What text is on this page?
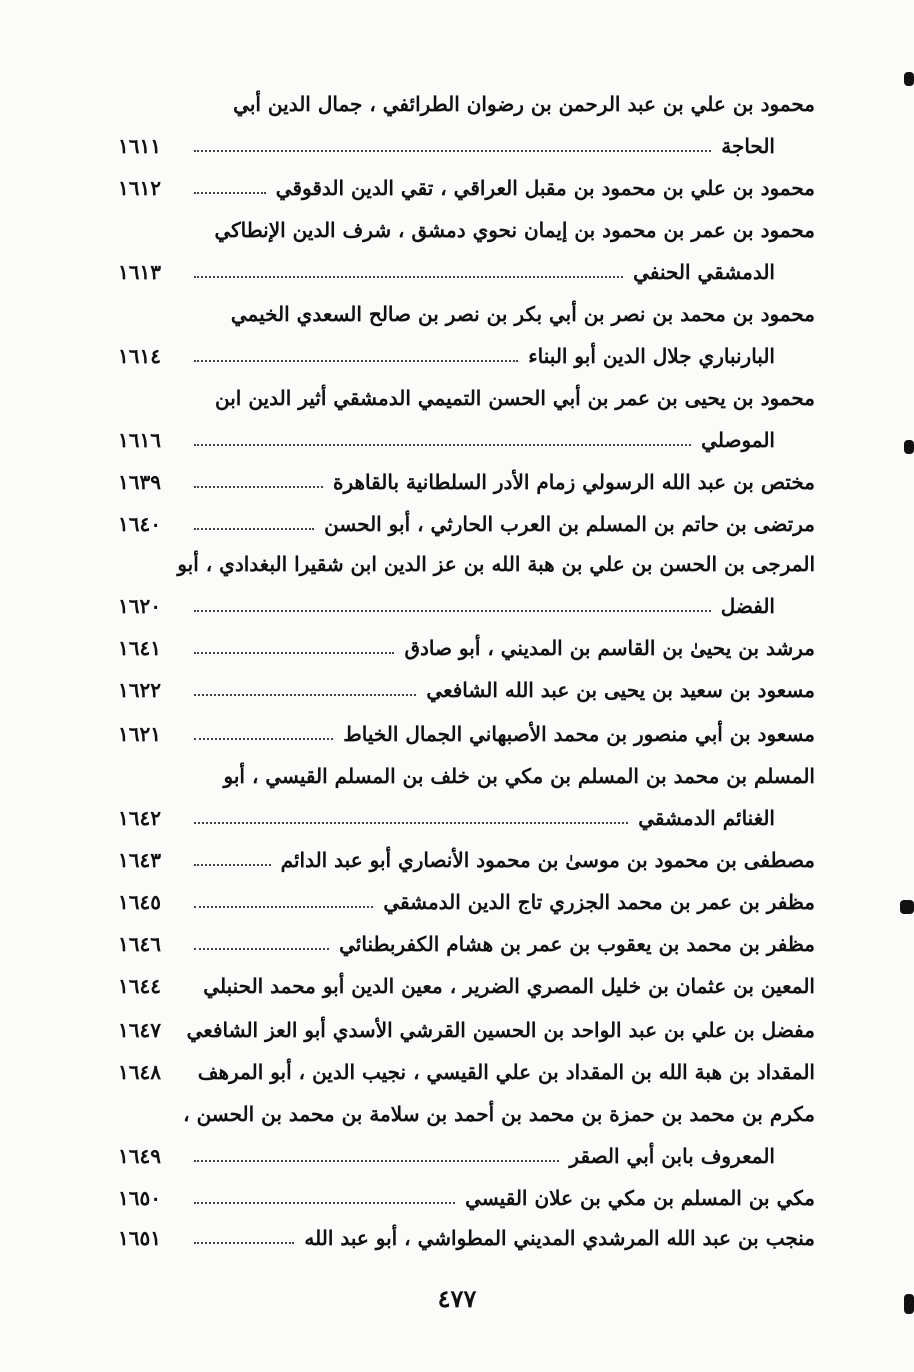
٤٧٧
محمود بن علي بن عبد الرحمن بن رضوان الطرائفي ، جمال الدين أبي
الحاجة
١٦١١
محمود بن علي بن محمود بن مقبل العراقي ، تقي الدين الدقوقي
١٦١٢
محمود بن عمر بن محمود بن إيمان نحوي دمشق ، شرف الدين الإنطاكي
الدمشقي الحنفي
١٦١٣
محمود بن محمد بن نصر بن أبي بكر بن نصر بن صالح السعدي الخيمي
البارنباري جلال الدين أبو البناء
١٦١٤
محمود بن يحيى بن عمر بن أبي الحسن التميمي الدمشقي أثير الدين ابن
الموصلي
١٦١٦
مختص بن عبد الله الرسولي زمام الأدر السلطانية بالقاهرة
١٦٣٩
مرتضى بن حاتم بن المسلم بن العرب الحارثي ، أبو الحسن
١٦٤٠
المرجى بن الحسن بن علي بن هبة الله بن عز الدين ابن شقيرا البغدادي ، أبو
الفضل
١٦٢٠
مرشد بن يحيىٰ بن القاسم بن المديني ، أبو صادق
١٦٤١
مسعود بن سعيد بن يحيى بن عبد الله الشافعي
١٦٢٢
مسعود بن أبي منصور بن محمد الأصبهاني الجمال الخياط
١٦٢١
المسلم بن محمد بن المسلم بن مكي بن خلف بن المسلم القيسي ، أبو
الغنائم الدمشقي
١٦٤٢
مصطفى بن محمود بن موسىٰ بن محمود الأنصاري أبو عبد الدائم
١٦٤٣
مظفر بن عمر بن محمد الجزري تاج الدين الدمشقي
١٦٤٥
مظفر بن محمد بن يعقوب بن عمر بن هشام الكفربطنائي
١٦٤٦
المعين بن عثمان بن خليل المصري الضرير ، معين الدين أبو محمد الحنبلي
١٦٤٤
مفضل بن علي بن عبد الواحد بن الحسين القرشي الأسدي أبو العز الشافعي
١٦٤٧
المقداد بن هبة الله بن المقداد بن علي القيسي ، نجيب الدين ، أبو المرهف
١٦٤٨
مكرم بن محمد بن حمزة بن محمد بن أحمد بن سلامة بن محمد بن الحسن ،
المعروف بابن أبي الصقر
١٦٤٩
مكي بن المسلم بن مكي بن علان القيسي
١٦٥٠
منجب بن عبد الله المرشدي المديني المطواشي ، أبو عبد الله
١٦٥١
